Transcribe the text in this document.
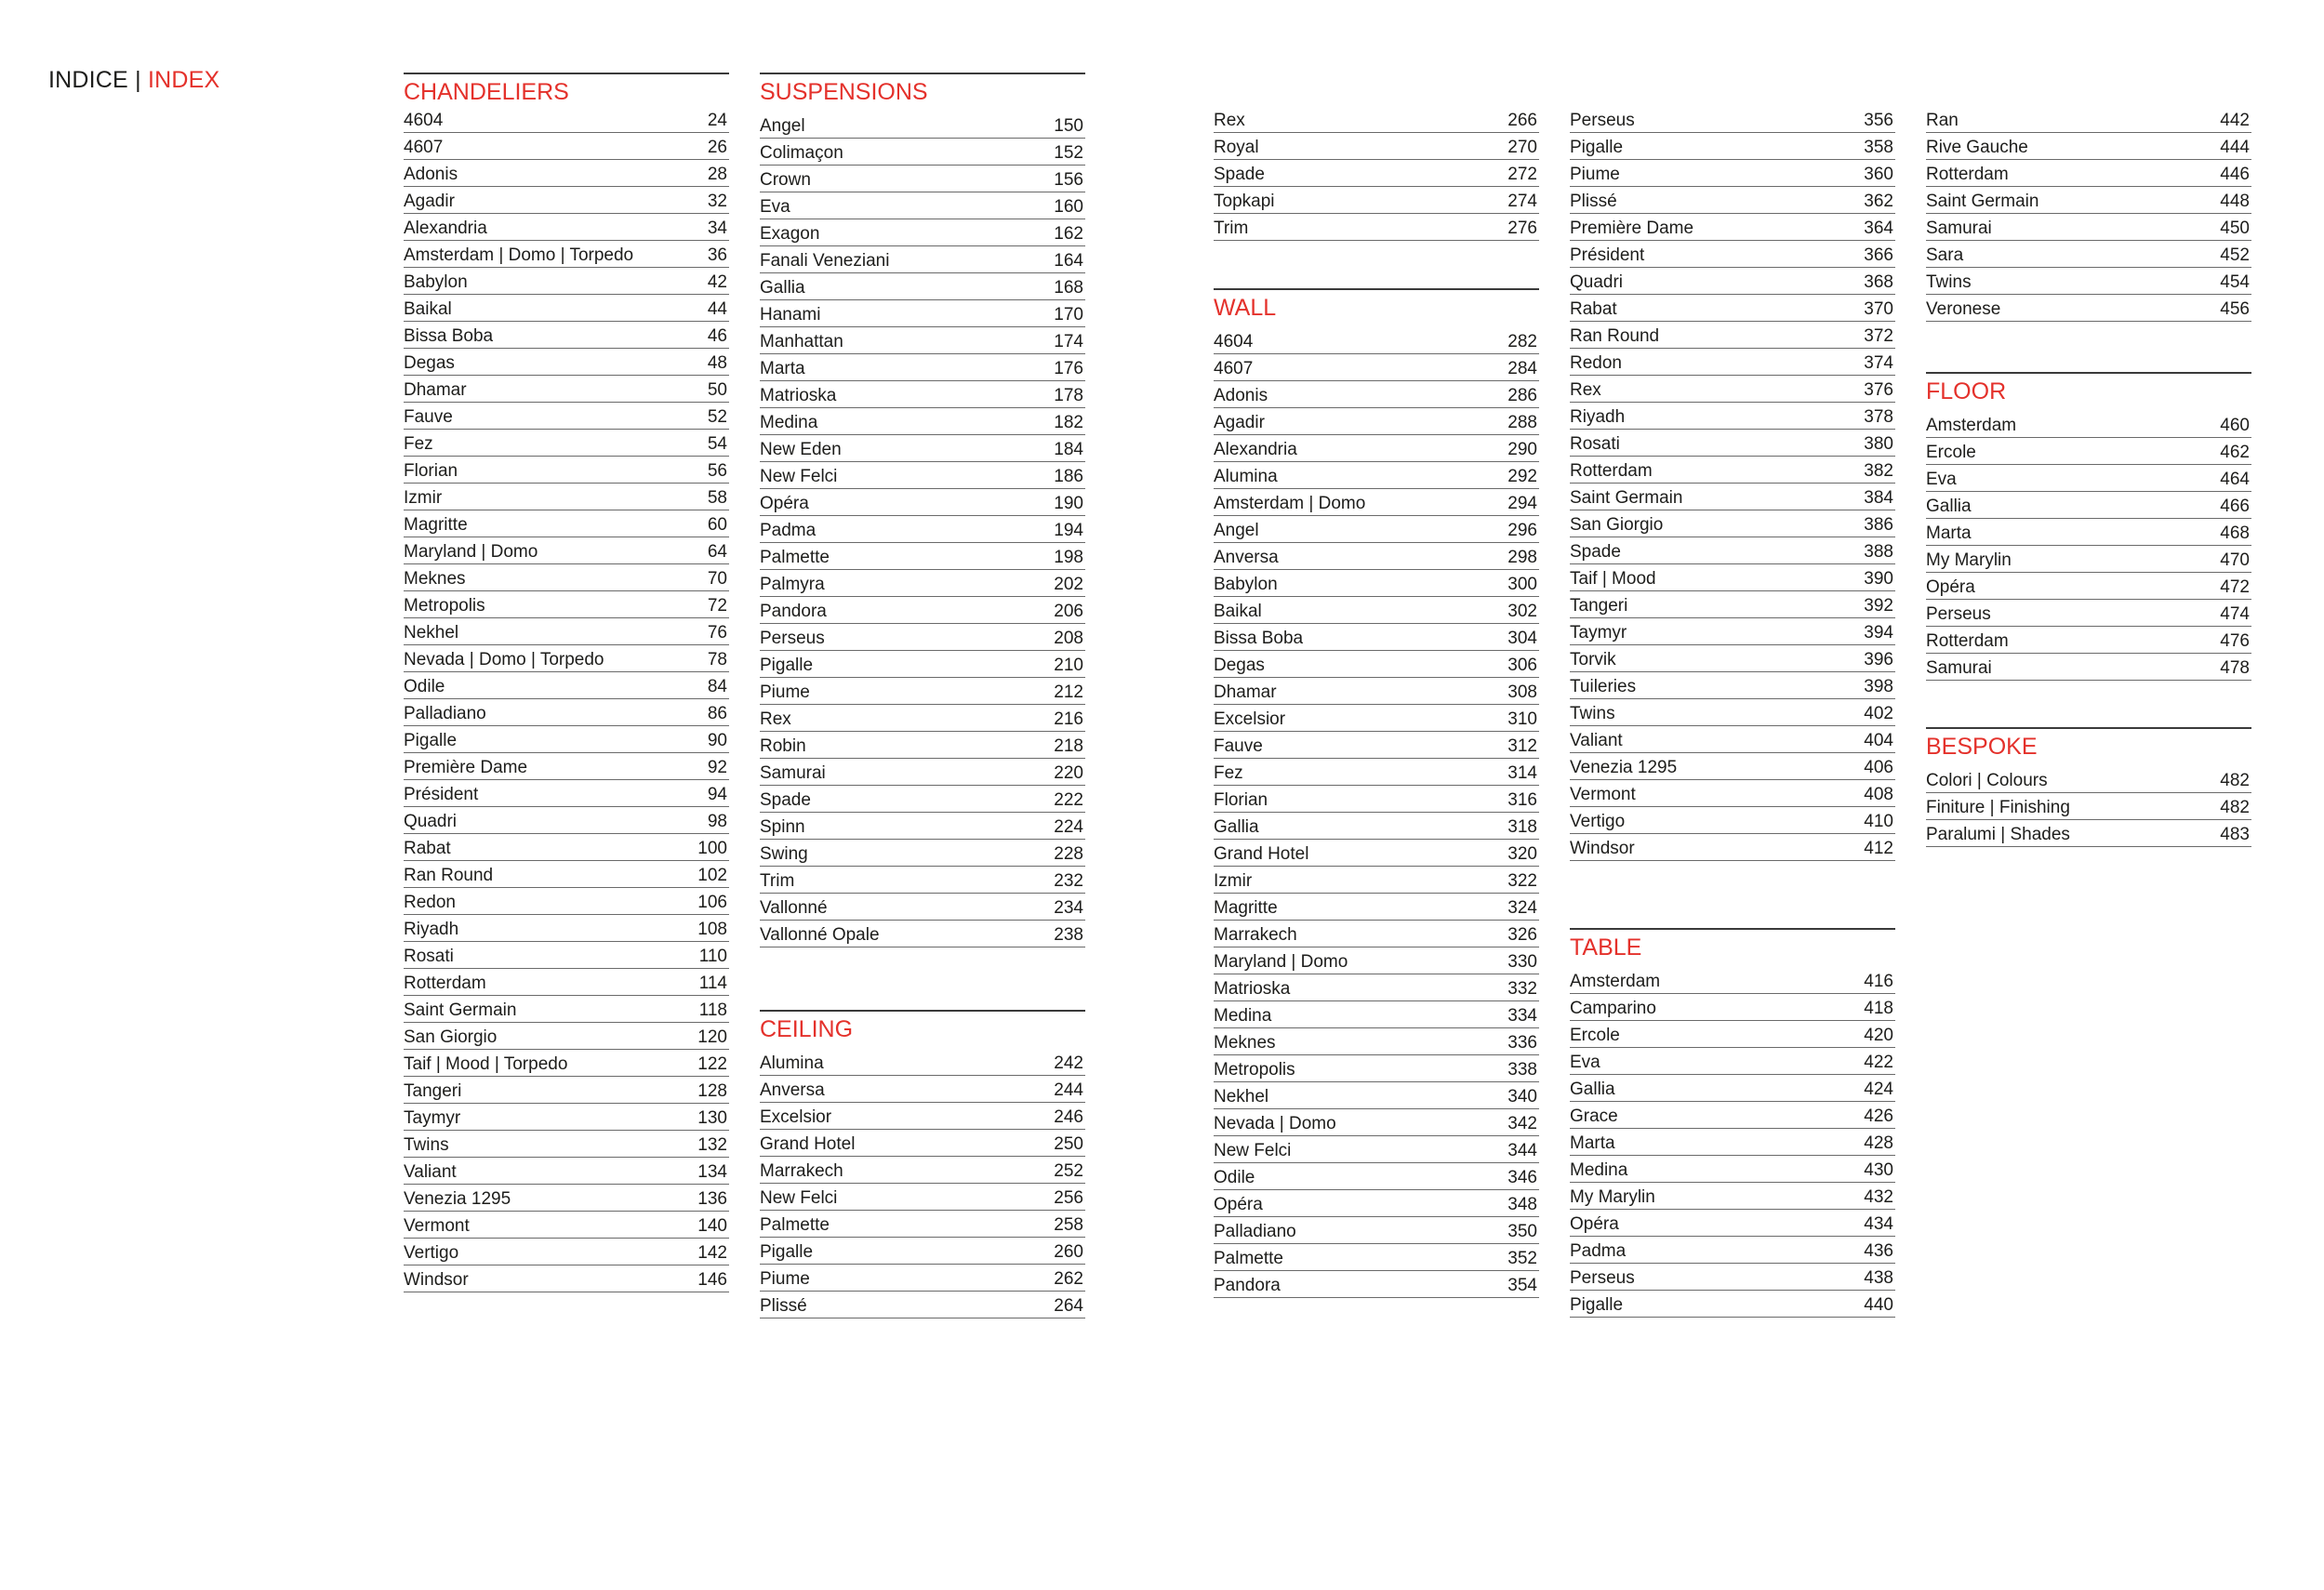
INDICE | INDEX	CHANDELIERS
4604	24
4607	26
Adonis	28
Agadir	32
Alexandria	34
Amsterdam | Domo | Torpedo	36
Babylon	42
Baikal	44
Bissa Boba	46
Degas	48
Dhamar	50
Fauve	52
Fez	54
Florian	56
Izmir	58
Magritte	60
Maryland | Domo	64
Meknes	70
Metropolis	72
Nekhel	76
Nevada | Domo | Torpedo	78
Odile	84
Palladiano	86
Pigalle	90
Première Dame	92
Président	94
Quadri	98
Rabat	100
Ran Round	102
Redon	106
Riyadh	108
Rosati	110
Rotterdam	114
Saint Germain	118
San Giorgio	120
Taif | Mood | Torpedo	122
Tangeri	128
Taymyr	130
Twins	132
Valiant	134
Venezia 1295	136
Vermont	140
Vertigo	142
Windsor	146
SUSPENSIONS
Angel	150
Colimaçon	152
Crown	156
Eva	160
Exagon	162
Fanali Veneziani	164
Gallia	168
Hanami	170
Manhattan	174
Marta	176
Matrioska	178
Medina	182
New Eden	184
New Felci	186
Opéra	190
Padma	194
Palmette	198
Palmyra	202
Pandora	206
Perseus	208
Pigalle	210
Piume	212
Rex	216
Robin	218
Samurai	220
Spade	222
Spinn	224
Swing	228
Trim	232
Vallonné	234
Vallonné Opale	238
CEILING
Alumina	242
Anversa	244
Excelsior	246
Grand Hotel	250
Marrakech	252
New Felci	256
Palmette	258
Pigalle	260
Piume	262
Plissé	264
Rex	266
Royal	270
Spade	272
Topkapi	274
Trim	276
WALL
4604	282
4607	284
Adonis	286
Agadir	288
Alexandria	290
Alumina	292
Amsterdam | Domo	294
Angel	296
Anversa	298
Babylon	300
Baikal	302
Bissa Boba	304
Degas	306
Dhamar	308
Excelsior	310
Fauve	312
Fez	314
Florian	316
Gallia	318
Grand Hotel	320
Izmir	322
Magritte	324
Marrakech	326
Maryland | Domo	330
Matrioska	332
Medina	334
Meknes	336
Metropolis	338
Nekhel	340
Nevada | Domo	342
New Felci	344
Odile	346
Opéra	348
Palladiano	350
Palmette	352
Pandora	354
Perseus	356
Pigalle	358
Piume	360
Plissé	362
Première Dame	364
Président	366
Quadri	368
Rabat	370
Ran Round	372
Redon	374
Rex	376
Riyadh	378
Rosati	380
Rotterdam	382
Saint Germain	384
San Giorgio	386
Spade	388
Taif | Mood	390
Tangeri	392
Taymyr	394
Torvik	396
Tuileries	398
Twins	402
Valiant	404
Venezia 1295	406
Vermont	408
Vertigo	410
Windsor	412
TABLE
Amsterdam	416
Camparino	418
Ercole	420
Eva	422
Gallia	424
Grace	426
Marta	428
Medina	430
My Marylin	432
Opéra	434
Padma	436
Perseus	438
Pigalle	440
Ran	442
Rive Gauche	444
Rotterdam	446
Saint Germain	448
Samurai	450
Sara	452
Twins	454
Veronese	456
FLOOR
Amsterdam	460
Ercole	462
Eva	464
Gallia	466
Marta	468
My Marylin	470
Opéra	472
Perseus	474
Rotterdam	476
Samurai	478
BESPOKE
Colori | Colours	482
Finiture | Finishing	482
Paralumi | Shades	483
